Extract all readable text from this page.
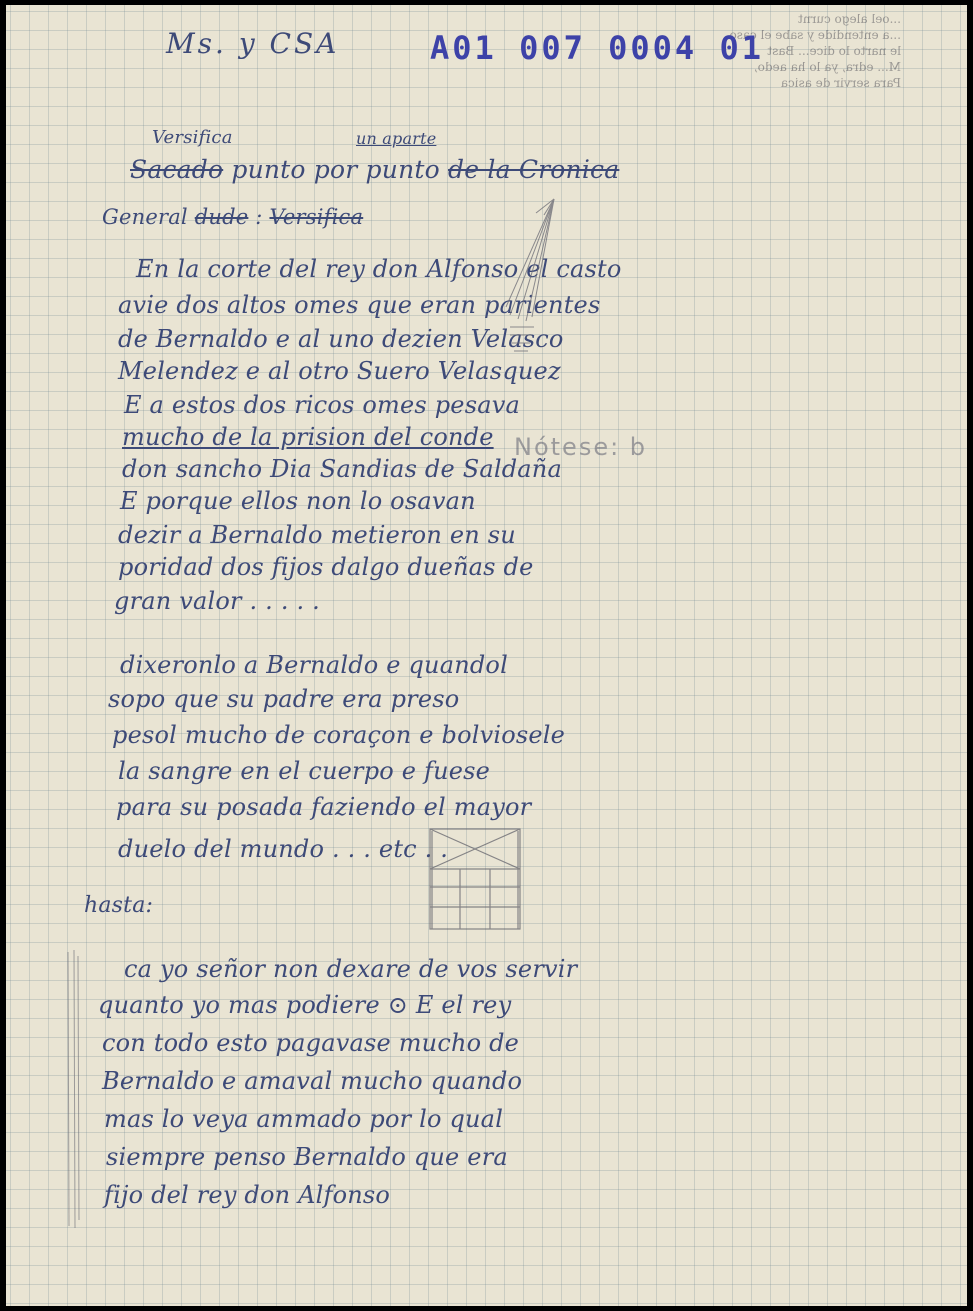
...oel alego curnt
...a entendide y sabe el caso
le narto lo dice... Bast
M... edra, ya lo ha aedo,
Para servir de asica
Ms. y CSA	A01 007 0004 01
Versifica	un aparte
Sacado punto por punto de la Cronica
General dude : Versifica
En la corte del rey don Alfonso el casto
avie dos altos omes que eran parientes
de Bernaldo e al uno dezien Velasco
Melendez e al otro Suero Velasquez
E a estos dos ricos omes pesava
mucho de la prision del conde
don sancho Dia Sandias de Saldaña
E porque ellos non lo osavan
dezir a Bernaldo metieron en su
poridad dos fijos dalgo dueñas de
gran valor . . . . .
Nótese: b
dixeronlo a Bernaldo e quandol
sopo que su padre era preso
pesol mucho de coraçon e bolviosele
la sangre en el cuerpo e fuese
para su posada faziendo el mayor
duelo del mundo . . . etc . .
hasta:
ca yo señor non dexare de vos servir
quanto yo mas podiere ⊙ E el rey
con todo esto pagavase mucho de
Bernaldo e amaval mucho quando
mas lo veya ammado por lo qual
siempre penso Bernaldo que era
fijo del rey don Alfonso
